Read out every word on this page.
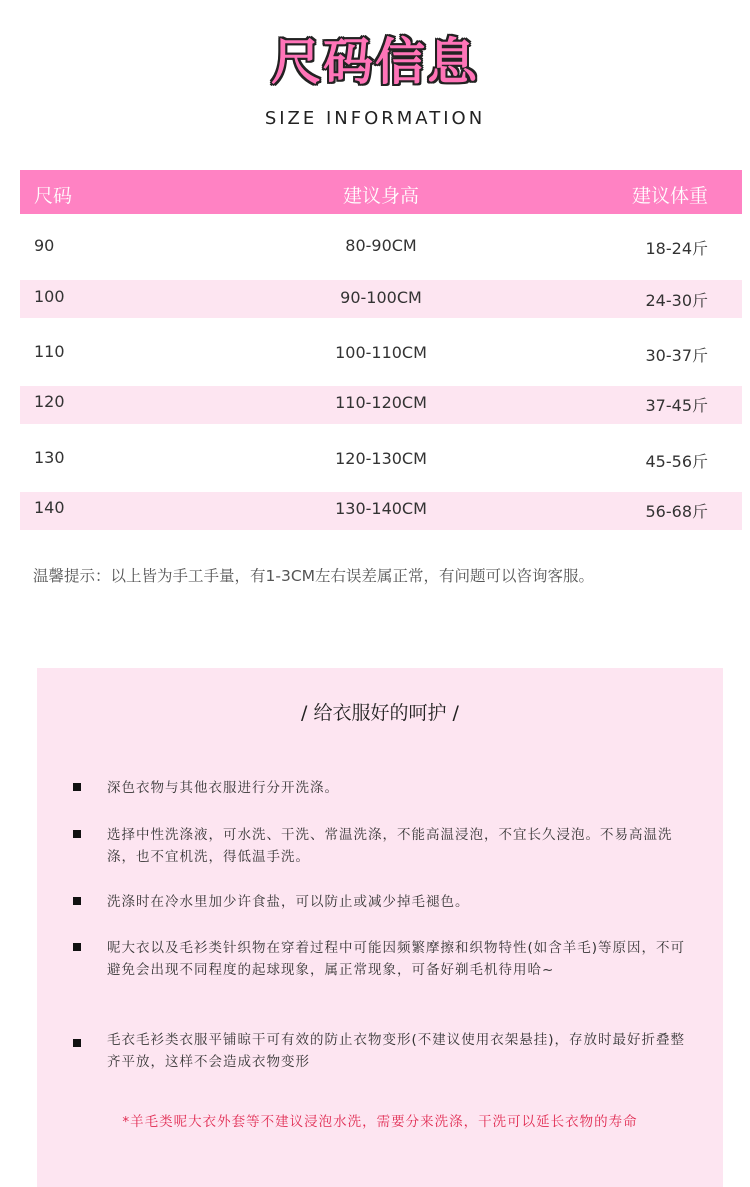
尺码信息
SIZE INFORMATION
尺码	建议身高	建议体重
90	80-90CM	18-24斤
100	90-100CM	24-30斤
110	100-110CM	30-37斤
120	110-120CM	37-45斤
130	120-130CM	45-56斤
140	130-140CM	56-68斤
温馨提示：以上皆为手工手量，有1-3CM左右误差属正常，有问题可以咨询客服。
/ 给衣服好的呵护 /
深色衣物与其他衣服进行分开洗涤。
选择中性洗涤液，可水洗、干洗、常温洗涤，不能高温浸泡，不宜长久浸泡。不易高温洗涤，也不宜机洗，得低温手洗。
洗涤时在冷水里加少许食盐，可以防止或减少掉毛褪色。
呢大衣以及毛衫类针织物在穿着过程中可能因频繁摩擦和织物特性(如含羊毛)等原因，不可避免会出现不同程度的起球现象，属正常现象，可备好剃毛机待用哈~
毛衣毛衫类衣服平铺晾干可有效的防止衣物变形(不建议使用衣架悬挂)，存放时最好折叠整齐平放，这样不会造成衣物变形
*羊毛类呢大衣外套等不建议浸泡水洗，需要分来洗涤，干洗可以延长衣物的寿命
